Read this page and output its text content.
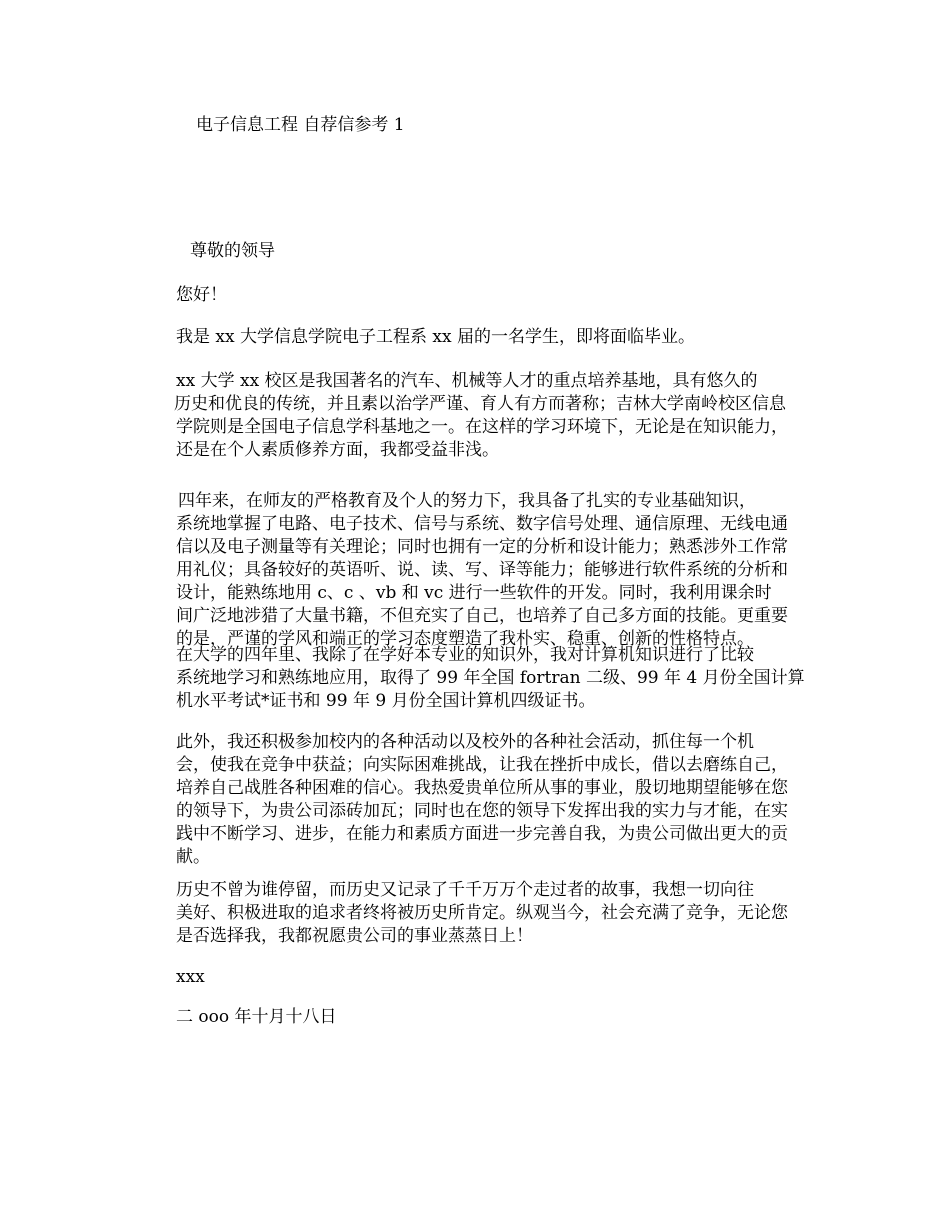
电子信息工程 自荐信参考 1
尊敬的领导
您好！
我是 xx 大学信息学院电子工程系 xx 届的一名学生，即将面临毕业。
xx 大学 xx 校区是我国著名的汽车、机械等人才的重点培养基地，具有悠久的
历史和优良的传统，并且素以治学严谨、育人有方而著称；吉林大学南岭校区信息
学院则是全国电子信息学科基地之一。在这样的学习环境下，无论是在知识能力，
还是在个人素质修养方面，我都受益非浅。
四年来，在师友的严格教育及个人的努力下，我具备了扎实的专业基础知识，
系统地掌握了电路、电子技术、信号与系统、数字信号处理、通信原理、无线电通
信以及电子测量等有关理论；同时也拥有一定的分析和设计能力；熟悉涉外工作常
用礼仪；具备较好的英语听、说、读、写、译等能力；能够进行软件系统的分析和
设计，能熟练地用 c、c 、vb 和 vc 进行一些软件的开发。同时，我利用课余时
间广泛地涉猎了大量书籍，不但充实了自己，也培养了自己多方面的技能。更重要
的是，严谨的学风和端正的学习态度塑造了我朴实、稳重、创新的性格特点。
在大学的四年里、我除了在学好本专业的知识外，我对计算机知识进行了比较
系统地学习和熟练地应用，取得了 99 年全国 fortran 二级、99 年 4 月份全国计算
机水平考试*证书和 99 年 9 月份全国计算机四级证书。
此外，我还积极参加校内的各种活动以及校外的各种社会活动，抓住每一个机
会，使我在竞争中获益；向实际困难挑战，让我在挫折中成长，借以去磨练自己，
培养自己战胜各种困难的信心。我热爱贵单位所从事的事业，殷切地期望能够在您
的领导下，为贵公司添砖加瓦；同时也在您的领导下发挥出我的实力与才能，在实
践中不断学习、进步，在能力和素质方面进一步完善自我，为贵公司做出更大的贡
献。
历史不曾为谁停留，而历史又记录了千千万万个走过者的故事，我想一切向往
美好、积极进取的追求者终将被历史所肯定。纵观当今，社会充满了竞争，无论您
是否选择我，我都祝愿贵公司的事业蒸蒸日上！
xxx
二 ooo 年十月十八日
